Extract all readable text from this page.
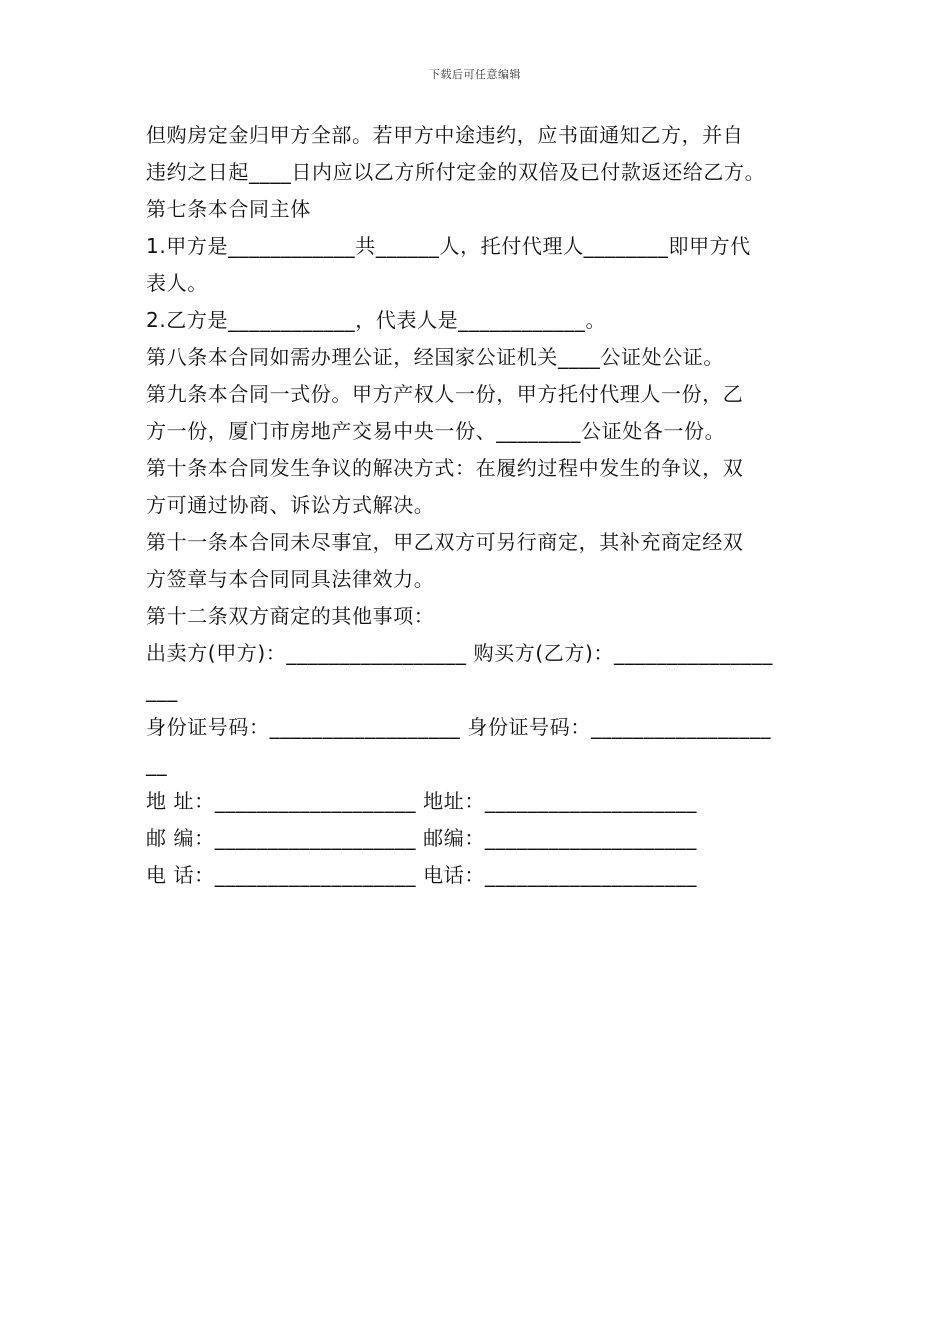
下载后可任意编辑
但购房定金归甲方全部。若甲方中途违约，应书面通知乙方，并自
违约之日起____日内应以乙方所付定金的双倍及已付款返还给乙方。
第七条本合同主体
1.甲方是____________共______人，托付代理人________即甲方代
表人。
2.乙方是____________，代表人是____________。
第八条本合同如需办理公证，经国家公证机关____公证处公证。
第九条本合同一式份。甲方产权人一份，甲方托付代理人一份，乙
方一份，厦门市房地产交易中央一份、________公证处各一份。
第十条本合同发生争议的解决方式：在履约过程中发生的争议，双
方可通过协商、诉讼方式解决。
第十一条本合同未尽事宜，甲乙双方可另行商定，其补充商定经双
方签章与本合同同具法律效力。
第十二条双方商定的其他事项：
出卖方(甲方)：_________________ 购买方(乙方)：_______________
___
身份证号码：__________________ 身份证号码：_________________
__
地 址：___________________ 地址：____________________
邮 编：___________________ 邮编：____________________
电 话：___________________ 电话：____________________
